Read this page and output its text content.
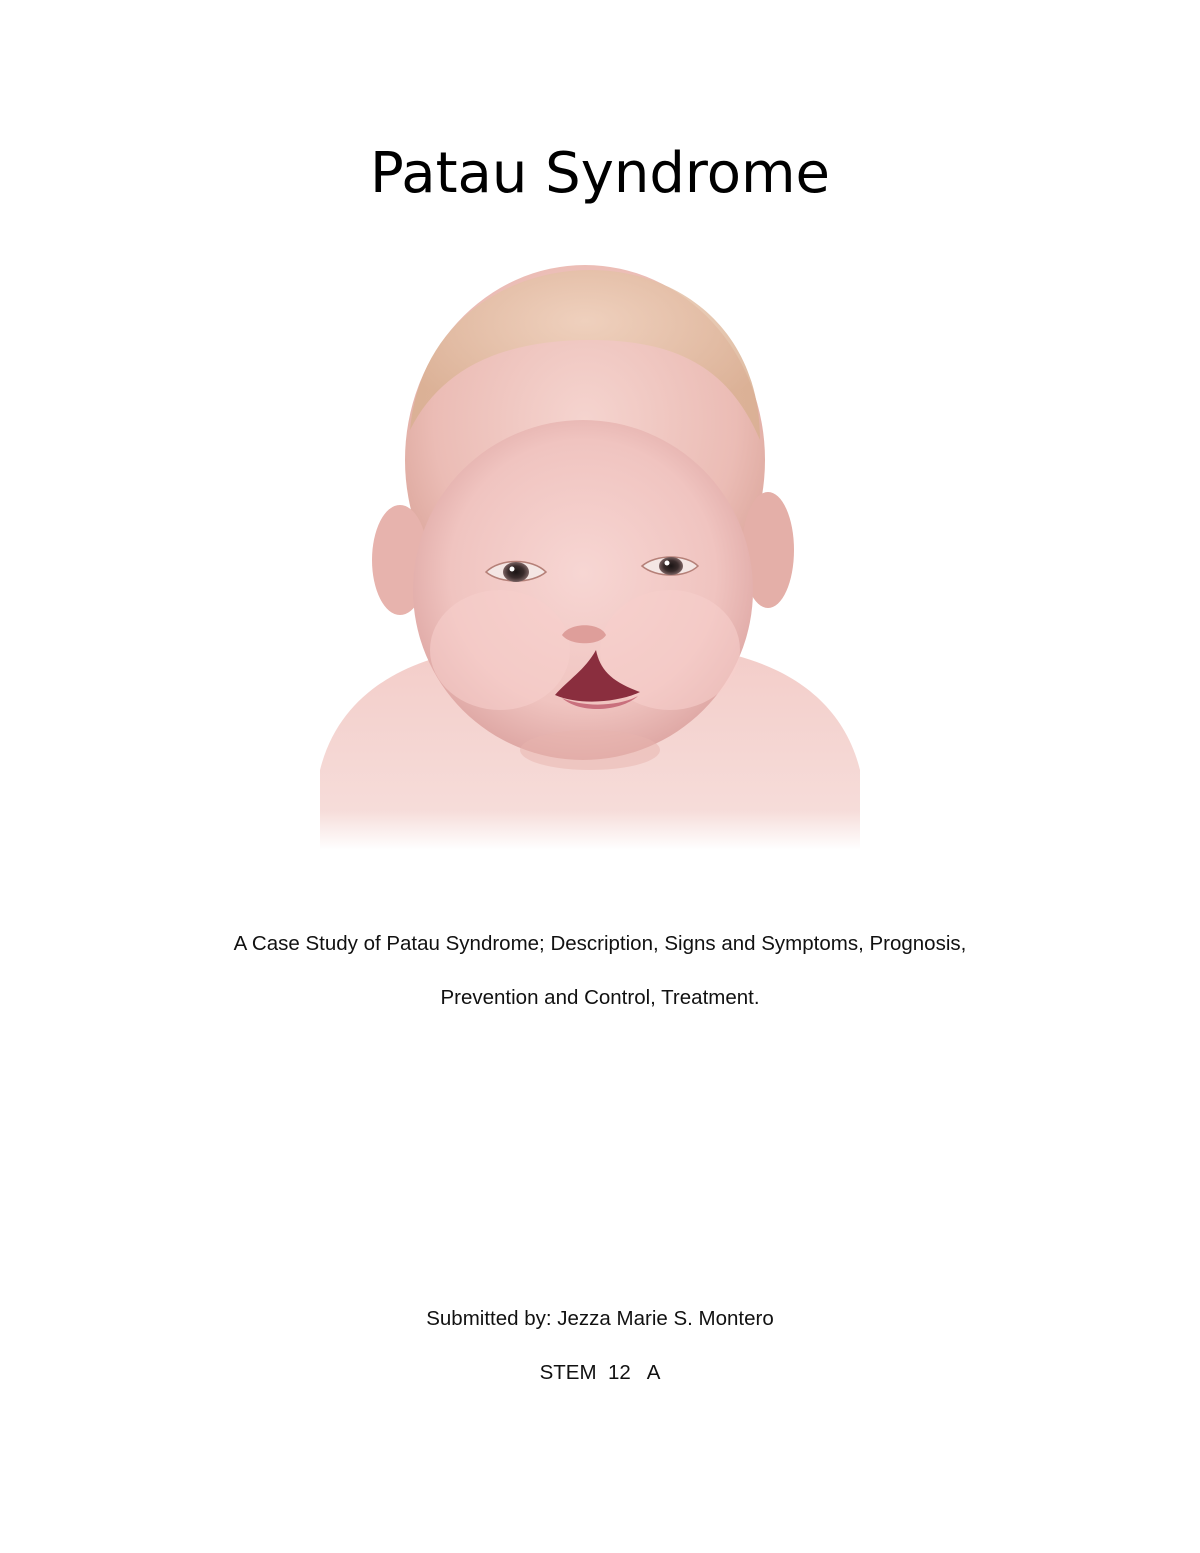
Patau Syndrome

A Case Study of Patau Syndrome; Description, Signs and Symptoms, Prognosis,

Prevention and Control, Treatment.

Submitted by: Jezza Marie S. Montero

STEM  12   A
